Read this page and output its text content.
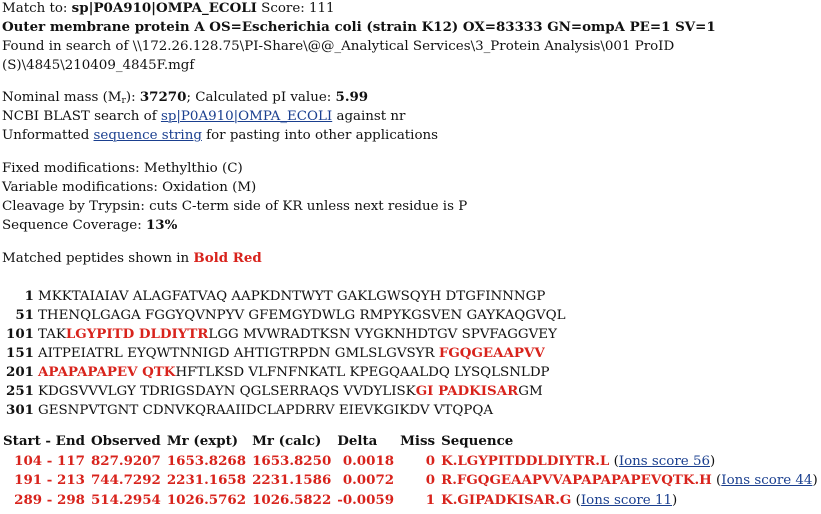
Match to: sp|P0A910|OMPA_ECOLI Score: 111
Outer membrane protein A OS=Escherichia coli (strain K12) OX=83333 GN=ompA PE=1 SV=1
Found in search of \\172.26.128.75\PI-Share\@@_Analytical Services\3_Protein Analysis\001 ProID
(S)\4845\210409_4845F.mgf
Nominal mass $(M_r)$: 37270; Calculated pI value: 5.99
NCBI BLAST search of sp|P0A910|OMPA_ECOLI against nr
Unformatted sequence string for pasting into other applications
Fixed modifications: Methylthio (C)
Variable modifications: Oxidation (M)
Cleavage by Trypsin: cuts C-term side of KR unless next residue is P
Sequence Coverage: 13%
Matched peptides shown in Bold Red
1 MKKTAIAIAV ALAGFATVAQ AAPKDNTWYT GAKLGWSQYH DTGFINNNGP
51 THENQLGAGA FGGYQVNPYV GFEMGYDWLG RMPYKGSVEN GAYKAQGVQL
101 TAKLGYPITD DLDIYTRLGG MVWRADTKSN VYGKNHDTGV SPVFAGGVEY
151 AITPEIATRL EYQWTNNIGD AHTIGTRPDN GMLSLGVSYR FGQGEAAPVV
201 APAPAPAPEV QTKHFTLKSD VLFNFNKATL KPEGQAALDQ LYSQLSNLDP
251 KDGSVVVLGY TDRIGSDAYN QGLSERRAQS VVDYLISKGI PADKISARGM
301 GESNPVTGNT CDNVKQRAAIIDCLAPDRRV EIEVKGIKDV VTQPQA
Start - End	Observed	Mr (expt)	Mr (calc)	Delta	Miss	Sequence
104 - 117	827.9207	1653.8268	1653.8250	0.0018	0	K.LGYPITDDLDIYTR.L (Ions score 56)
191 - 213	744.7292	2231.1658	2231.1586	0.0072	0	R.FGQGEAAPVVAPAPAPAPEVQTK.H (Ions score 44)
289 - 298	514.2954	1026.5762	1026.5822	-0.0059	1	K.GIPADKISAR.G (Ions score 11)
